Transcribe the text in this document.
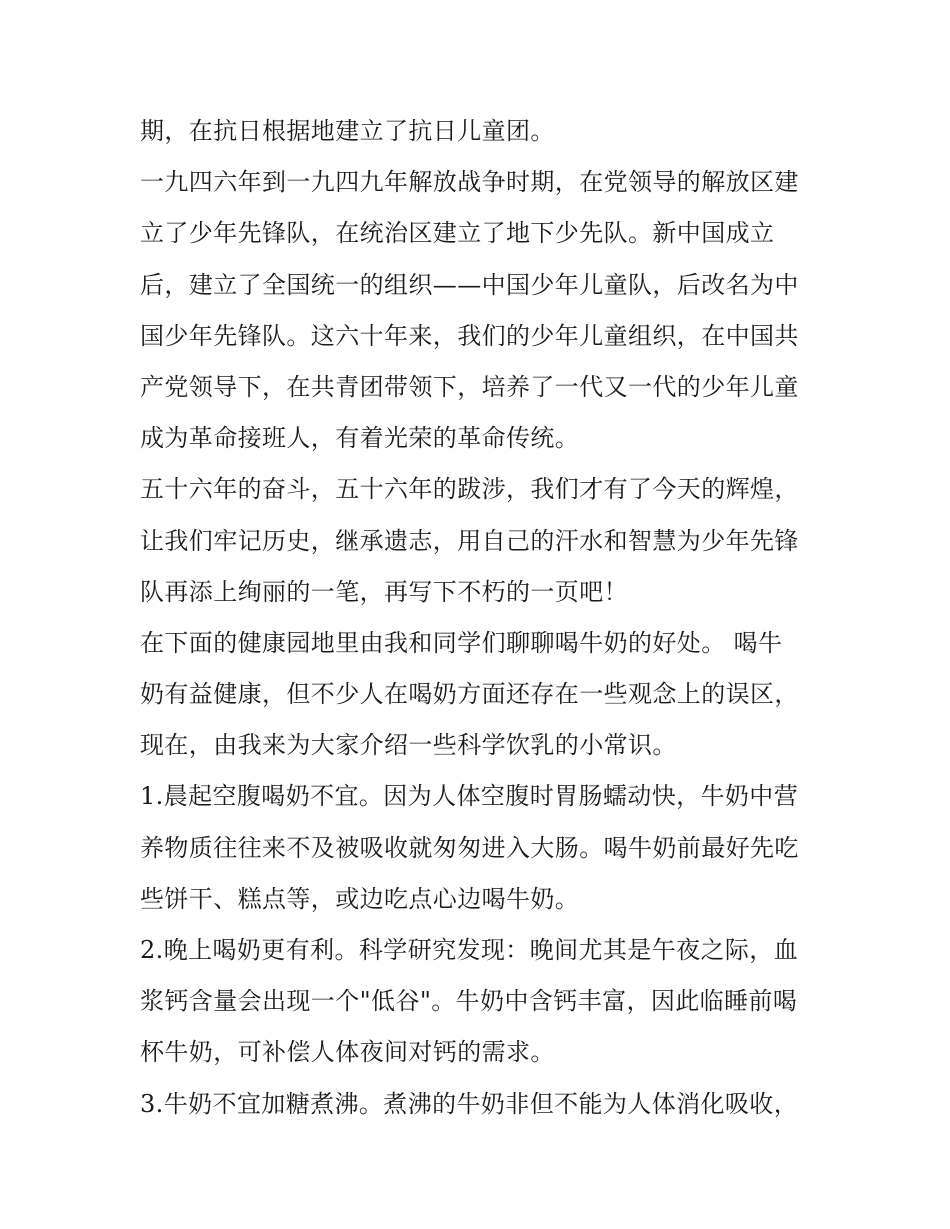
期，在抗日根据地建立了抗日儿童团。
一九四六年到一九四九年解放战争时期，在党领导的解放区建
立了少年先锋队，在统治区建立了地下少先队。新中国成立
后，建立了全国统一的组织——中国少年儿童队，后改名为中
国少年先锋队。这六十年来，我们的少年儿童组织，在中国共
产党领导下，在共青团带领下，培养了一代又一代的少年儿童
成为革命接班人，有着光荣的革命传统。
五十六年的奋斗，五十六年的跋涉，我们才有了今天的辉煌，
让我们牢记历史，继承遗志，用自己的汗水和智慧为少年先锋
队再添上绚丽的一笔，再写下不朽的一页吧！
在下面的健康园地里由我和同学们聊聊喝牛奶的好处。 喝牛
奶有益健康，但不少人在喝奶方面还存在一些观念上的误区，
现在，由我来为大家介绍一些科学饮乳的小常识。
1.晨起空腹喝奶不宜。因为人体空腹时胃肠蠕动快，牛奶中营
养物质往往来不及被吸收就匆匆进入大肠。喝牛奶前最好先吃
些饼干、糕点等，或边吃点心边喝牛奶。
2.晚上喝奶更有利。科学研究发现：晚间尤其是午夜之际，血
浆钙含量会出现一个"低谷"。牛奶中含钙丰富，因此临睡前喝
杯牛奶，可补偿人体夜间对钙的需求。
3.牛奶不宜加糖煮沸。煮沸的牛奶非但不能为人体消化吸收，
